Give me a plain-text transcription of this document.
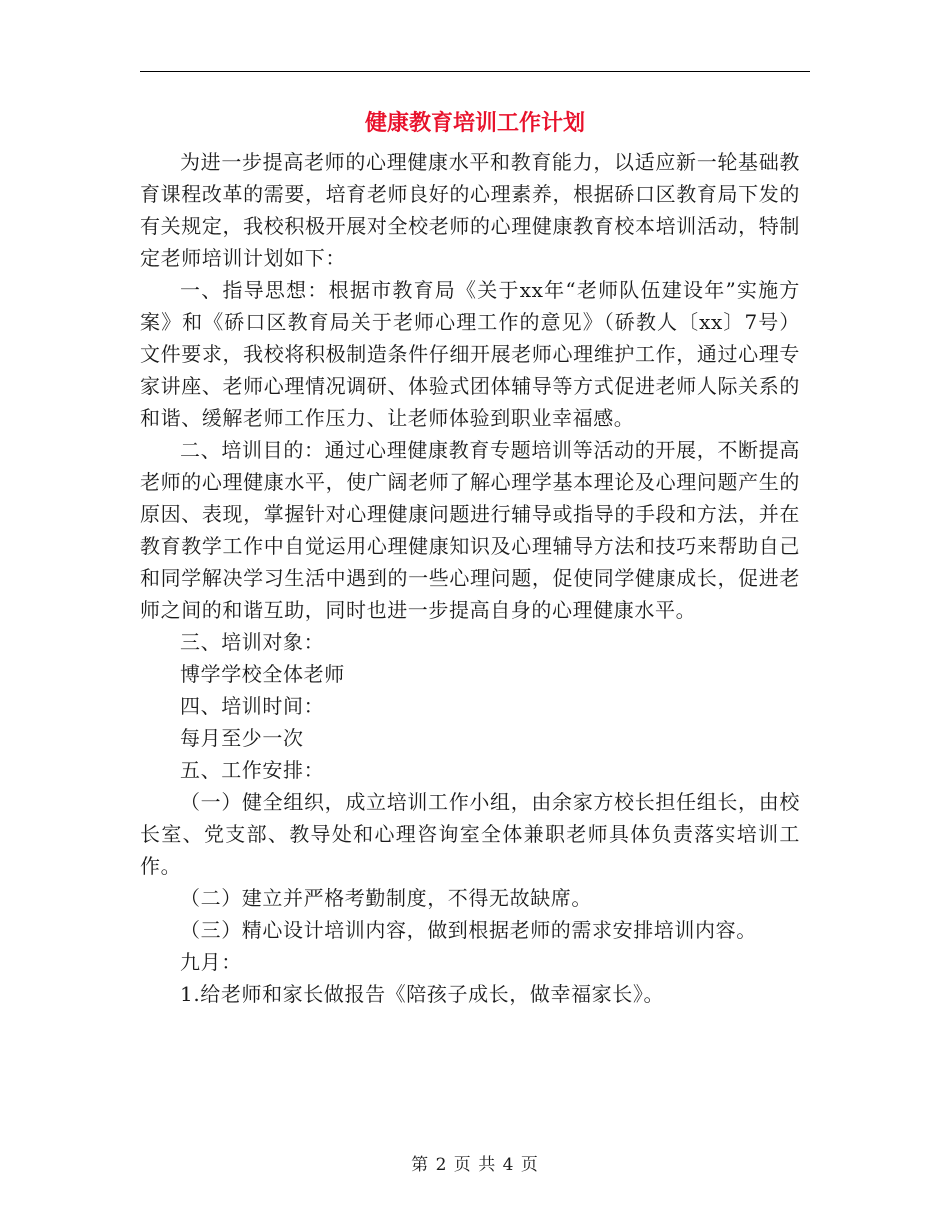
健康教育培训工作计划

为进一步提高老师的心理健康水平和教育能力，以适应新一轮基础教育课程改革的需要，培育老师良好的心理素养，根据硚口区教育局下发的有关规定，我校积极开展对全校老师的心理健康教育校本培训活动，特制定老师培训计划如下：

一、指导思想：根据市教育局《关于xx年“老师队伍建设年”实施方案》和《硚口区教育局关于老师心理工作的意见》（硚教人〔xx〕7号）文件要求，我校将积极制造条件仔细开展老师心理维护工作，通过心理专家讲座、老师心理情况调研、体验式团体辅导等方式促进老师人际关系的和谐、缓解老师工作压力、让老师体验到职业幸福感。

二、培训目的：通过心理健康教育专题培训等活动的开展，不断提高老师的心理健康水平，使广阔老师了解心理学基本理论及心理问题产生的原因、表现，掌握针对心理健康问题进行辅导或指导的手段和方法，并在教育教学工作中自觉运用心理健康知识及心理辅导方法和技巧来帮助自己和同学解决学习生活中遇到的一些心理问题，促使同学健康成长，促进老师之间的和谐互助，同时也进一步提高自身的心理健康水平。

三、培训对象：

博学学校全体老师

四、培训时间：

每月至少一次

五、工作安排：

（一）健全组织，成立培训工作小组，由余家方校长担任组长，由校长室、党支部、教导处和心理咨询室全体兼职老师具体负责落实培训工作。

（二）建立并严格考勤制度，不得无故缺席。

（三）精心设计培训内容，做到根据老师的需求安排培训内容。

九月：

1.给老师和家长做报告《陪孩子成长，做幸福家长》。

第 2 页 共 4 页
